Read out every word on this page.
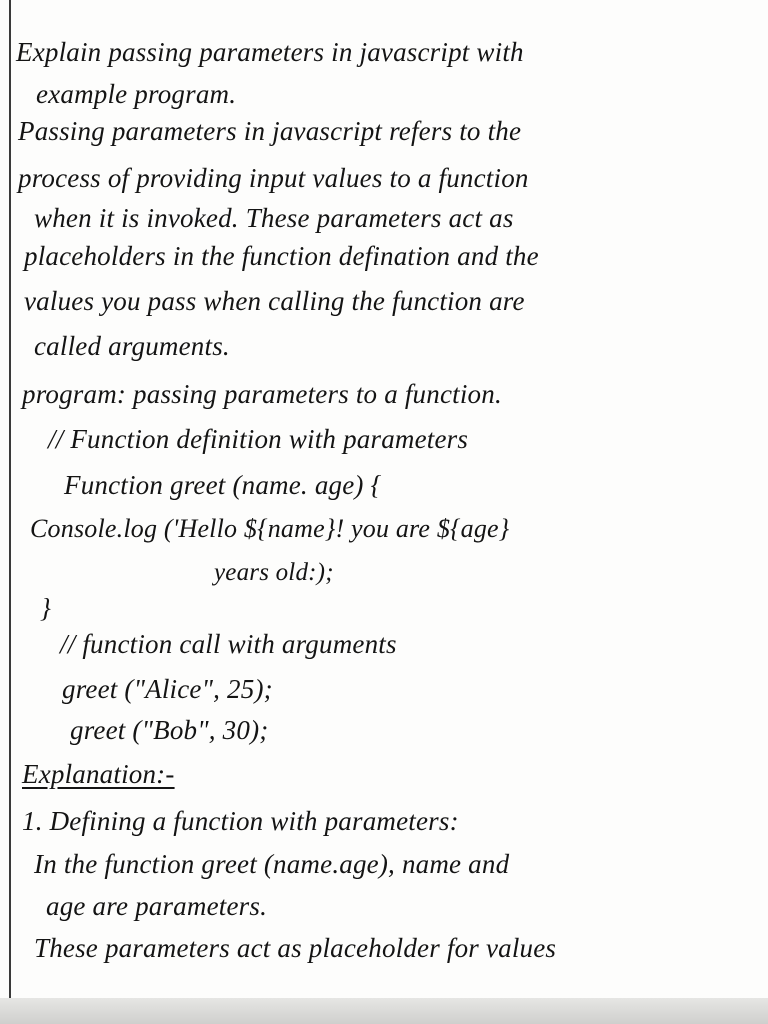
Explain passing parameters in javascript with

example program.

Passing parameters in javascript refers to the

process of providing input values to a function

when it is invoked. These parameters act as

placeholders in the function defination and the

values you pass when calling the function are

called arguments.

program: passing parameters to a function.

// Function definition with parameters

Function greet (name. age) {

Console.log ('Hello ${name}! you are ${age}

years old:);

}

// function call with arguments

greet ("Alice", 25);

greet ("Bob", 30);

Explanation:-

1. Defining a function with parameters:

In the function greet (name.age), name and

age are parameters.

These parameters act as placeholder for values
